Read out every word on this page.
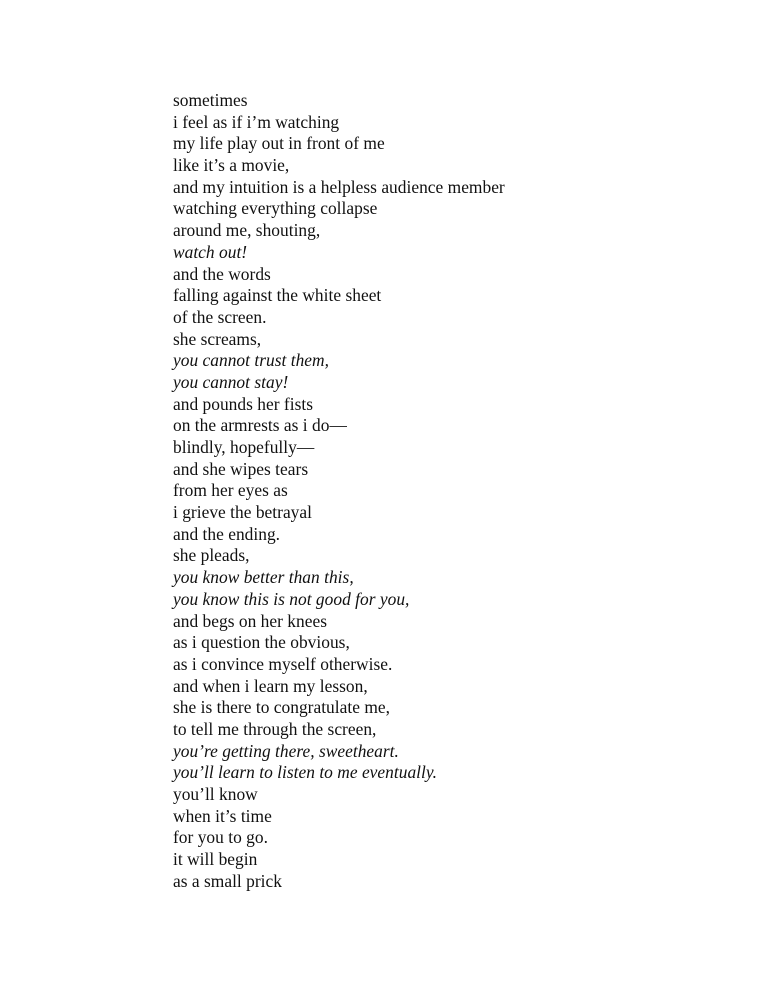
sometimes
i feel as if i’m watching
my life play out in front of me
like it’s a movie,
and my intuition is a helpless audience member
watching everything collapse
around me, shouting,
watch out!
and the words
falling against the white sheet
of the screen.
she screams,
you cannot trust them,
you cannot stay!
and pounds her fists
on the armrests as i do—
blindly, hopefully—
and she wipes tears
from her eyes as
i grieve the betrayal
and the ending.
she pleads,
you know better than this,
you know this is not good for you,
and begs on her knees
as i question the obvious,
as i convince myself otherwise.
and when i learn my lesson,
she is there to congratulate me,
to tell me through the screen,
you’re getting there, sweetheart.
you’ll learn to listen to me eventually.
you’ll know
when it’s time
for you to go.
it will begin
as a small prick
